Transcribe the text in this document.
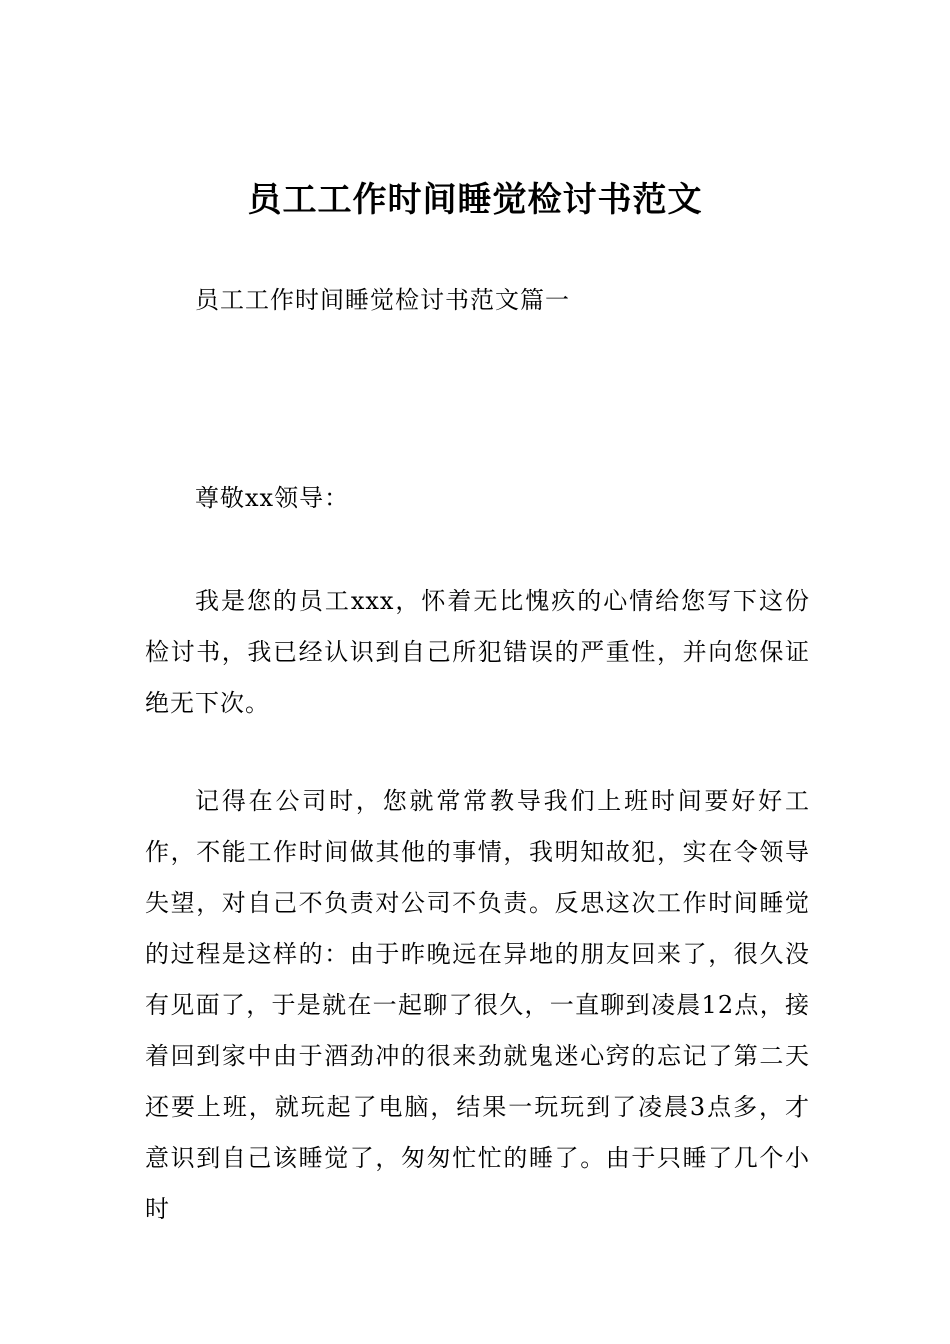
员工工作时间睡觉检讨书范文
员工工作时间睡觉检讨书范文篇一
尊敬xx领导：
我是您的员工xxx，怀着无比愧疚的心情给您写下这份检讨书，我已经认识到自己所犯错误的严重性，并向您保证绝无下次。
记得在公司时，您就常常教导我们上班时间要好好工作，不能工作时间做其他的事情，我明知故犯，实在令领导失望，对自己不负责对公司不负责。反思这次工作时间睡觉的过程是这样的：由于昨晚远在异地的朋友回来了，很久没有见面了，于是就在一起聊了很久，一直聊到凌晨12点，接着回到家中由于酒劲冲的很来劲就鬼迷心窍的忘记了第二天还要上班，就玩起了电脑，结果一玩玩到了凌晨3点多，才意识到自己该睡觉了，匆匆忙忙的睡了。由于只睡了几个小时
